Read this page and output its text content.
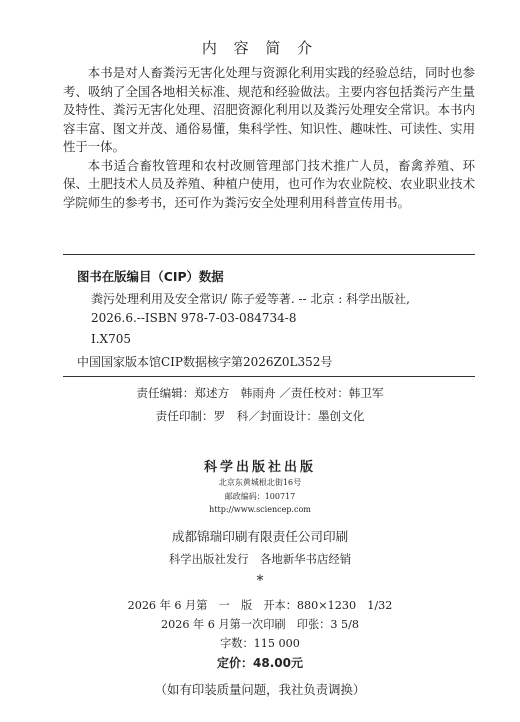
内 容 简 介

本书是对人畜粪污无害化处理与资源化利用实践的经验总结，同时也参考、吸纳了全国各地相关标准、规范和经验做法。主要内容包括粪污产生量及特性、粪污无害化处理、沼肥资源化利用以及粪污处理安全常识。本书内容丰富、图文并茂、通俗易懂，集科学性、知识性、趣味性、可读性、实用性于一体。

本书适合畜牧管理和农村改厕管理部门技术推广人员，畜禽养殖、环保、土肥技术人员及养殖、种植户使用，也可作为农业院校、农业职业技术学院师生的参考书，还可作为粪污安全处理利用科普宣传用书。

图书在版编目（CIP）数据
粪污处理利用及安全常识/ 陈子爱等著. -- 北京 : 科学出版社,
2026.6.--ISBN 978-7-03-084734-8
Ⅰ.X705
中国国家版本馆CIP数据核字第2026Z0L352号
责任编辑：郑述方　韩雨舟 ／责任校对：韩卫军
责任印制：罗　科／封面设计：墨创文化
科学出版社出版
北京东黄城根北街16号
邮政编码：100717
http://www.sciencep.com
成都锦瑞印刷有限责任公司印刷
科学出版社发行　各地新华书店经销
*
2026 年 6 月第　一　版　开本：880×1230　1/32
2026 年 6 月第一次印刷　印张：3 5/8
字数：115 000
定价：48.00元
（如有印装质量问题，我社负责调换）
